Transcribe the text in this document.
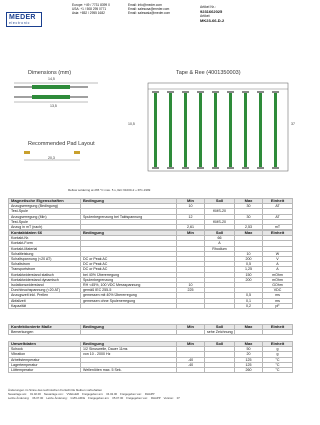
MEDER
electronic
Europe: +49 / 7731 8399 0	Email: info@meder.com
USA: +1 / 508 295 0771	Email: salesusa@meder.com
Asia: +852 / 2955 1682	Email: salesasia@meder.com
Artikel Nr.:
9231662025
Artikel:
MK23-66-D-2
Dimensions (mm)
14,5
13,5
Recommended Pad Layout
20,3
Reflow soldering at 265 °C max. 5 s, IEC 61000-2 + IPC-1999
Tape & Ree (4001350003)
10,5	37
Magnetische Eigenschaften	Bedingung	Min	Soll	Max	Einheit
Anzugserregung (Bedingung)		10		30	AT
Test-Spule			KMS-20		
Anzugserregung (Min)	Spulenbegrenzung bei Taktspannung	12		30	AT
Test-Spule			KMS-20		
Anzug in mT (nach)		2,61		2,53	mT
Kontaktdaten 66	Bedingung	Min	Soll	Max	Einheit
Kontakt-Nr.			66		
Kontakt-Form			A		
Kontakt-Material			Rhodium		
Schaltleistung				10	W
Schaltspannung (<20 AT)	DC or Peak AC			200	V
Schaltstrom	DC or Peak AC			0,5	A
Transportstrom	DC or Peak AC			1,25	A
Kontaktwiderstand statisch	bei 40% Übererregung			150	mOhm
Kontaktwiderstand dynamisch	Spulenbegrenzung			200	mOhm
Isolationswiderstand	RH <45%, 100 VDC Messspannung	10			GOhm
Durchbruchspannung (<20 AT)	gemäß IEC 255-5	225			VDC
Anzugszeit inkl. Prellen	gemessen mit 40% Übererregung			0,5	ms
Abfallzeit	gemessen ohne Spulenerregung			0,1	ms
Kapazität				0,2	pF
Konfektionierte Maße	Bedingung	Min	Soll	Max	Einheit
Bemerkungen			sehe Zeichnung		
Umweltdaten	Bedingung	Min	Soll	Max	Einheit
Schock	1/2 Sinuswelle, Dauer 11ms			50	g
Vibration	von 10 - 2000 Hz			20	g
Arbeitstemperatur		-40		125	°C
Lagertemperatur		-40		125	°C
Löttemperatur	Wellenlöten max. 5 Sek.			260	°C
Änderungen im Sinne des technischen Fortschritts bleiben vorbehalten
Neuanlage am: 01.02.00 Neuanlage von: VVELLER Freigegeben am: 04.02.00 Freigegeben von: RHAPP
Letzte Änderung: 06.07.00 Letzte Änderung: GVKLAFFE Freigegeben am: 05.07.00 Freigegeben von: RHAPP Version: 07
